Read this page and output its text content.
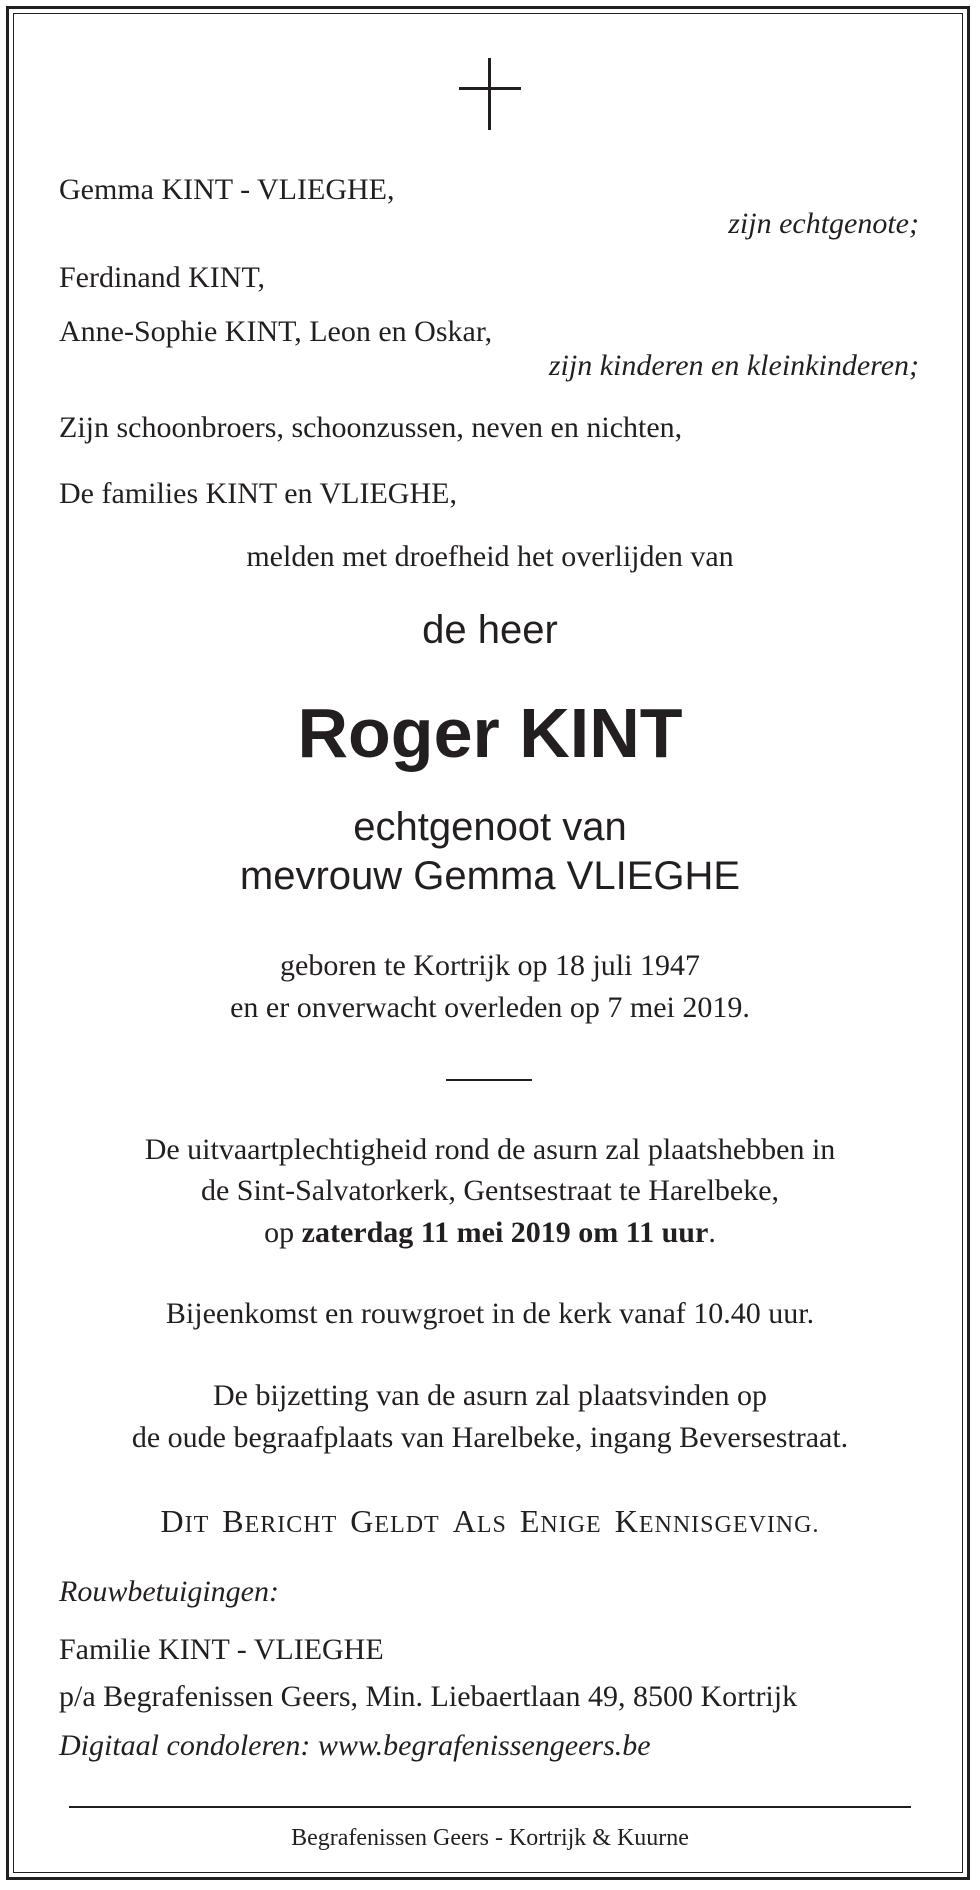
Gemma KINT - VLIEGHE,
zijn echtgenote;
Ferdinand KINT,
Anne-Sophie KINT, Leon en Oskar,
zijn kinderen en kleinkinderen;
Zijn schoonbroers, schoonzussen, neven en nichten,
De families KINT en VLIEGHE,
melden met droefheid het overlijden van
de heer
Roger KINT
echtgenoot van
mevrouw Gemma VLIEGHE
geboren te Kortrijk op 18 juli 1947
en er onverwacht overleden op 7 mei 2019.
De uitvaartplechtigheid rond de asurn zal plaatshebben in
de Sint-Salvatorkerk, Gentsestraat te Harelbeke,
op zaterdag 11 mei 2019 om 11 uur.
Bijeenkomst en rouwgroet in de kerk vanaf 10.40 uur.
De bijzetting van de asurn zal plaatsvinden op
de oude begraafplaats van Harelbeke, ingang Beversestraat.
DIT BERICHT GELDT ALS ENIGE KENNISGEVING.
Rouwbetuigingen:
Familie KINT - VLIEGHE
p/a Begrafenissen Geers, Min. Liebaertlaan 49, 8500 Kortrijk
Digitaal condoleren: www.begrafenissengeers.be
Begrafenissen Geers - Kortrijk & Kuurne
